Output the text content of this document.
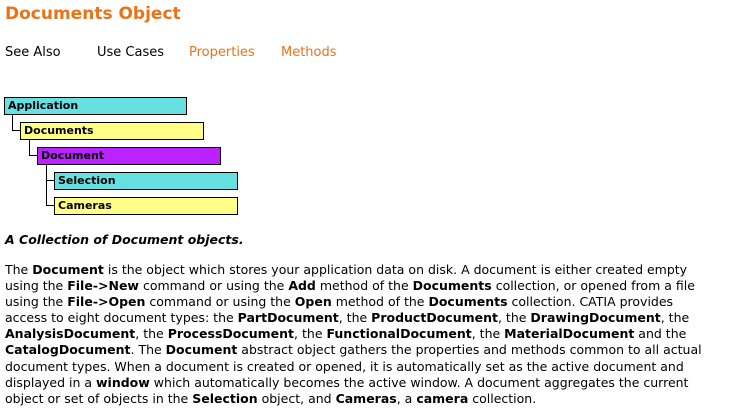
Documents Object
See Also	Use Cases Properties Methods
Application
Documents
Document
Selection
Cameras
A Collection of Document objects.
The Document is the object which stores your application data on disk. A document is either created empty
using the File->New command or using the Add method of the Documents collection, or opened from a file
using the File->Open command or using the Open method of the Documents collection. CATIA provides
access to eight document types: the PartDocument, the ProductDocument, the DrawingDocument, the
AnalysisDocument, the ProcessDocument, the FunctionalDocument, the MaterialDocument and the
CatalogDocument. The Document abstract object gathers the properties and methods common to all actual
document types. When a document is created or opened, it is automatically set as the active document and
displayed in a window which automatically becomes the active window. A document aggregates the current
object or set of objects in the Selection object, and Cameras, a camera collection.
